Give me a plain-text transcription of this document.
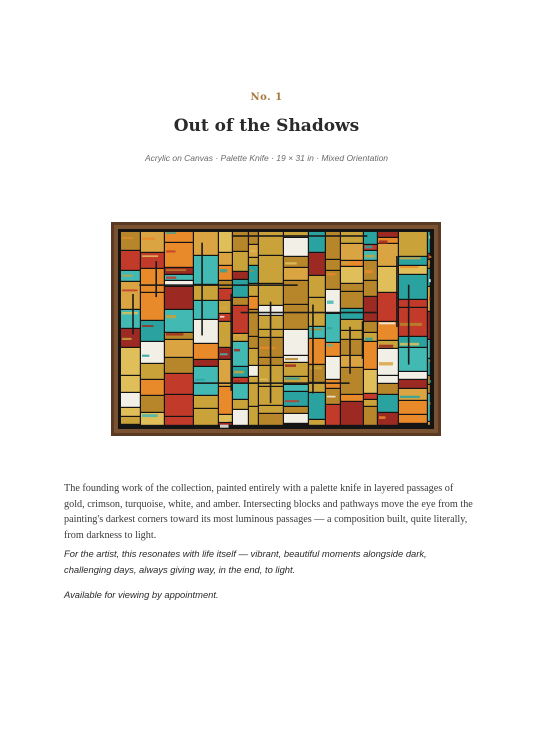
No. 1
Out of the Shadows
Acrylic on Canvas · Palette Knife · 19 × 31 in · Mixed Orientation

The founding work of the collection, painted entirely with a palette knife in layered passages of gold, crimson, turquoise, white, and amber. Intersecting blocks and pathways move the eye from the painting's darkest corners toward its most luminous passages — a composition built, quite literally, from darkness to light.

For the artist, this resonates with life itself — vibrant, beautiful moments alongside dark, challenging days, always giving way, in the end, to light.

Available for viewing by appointment.
